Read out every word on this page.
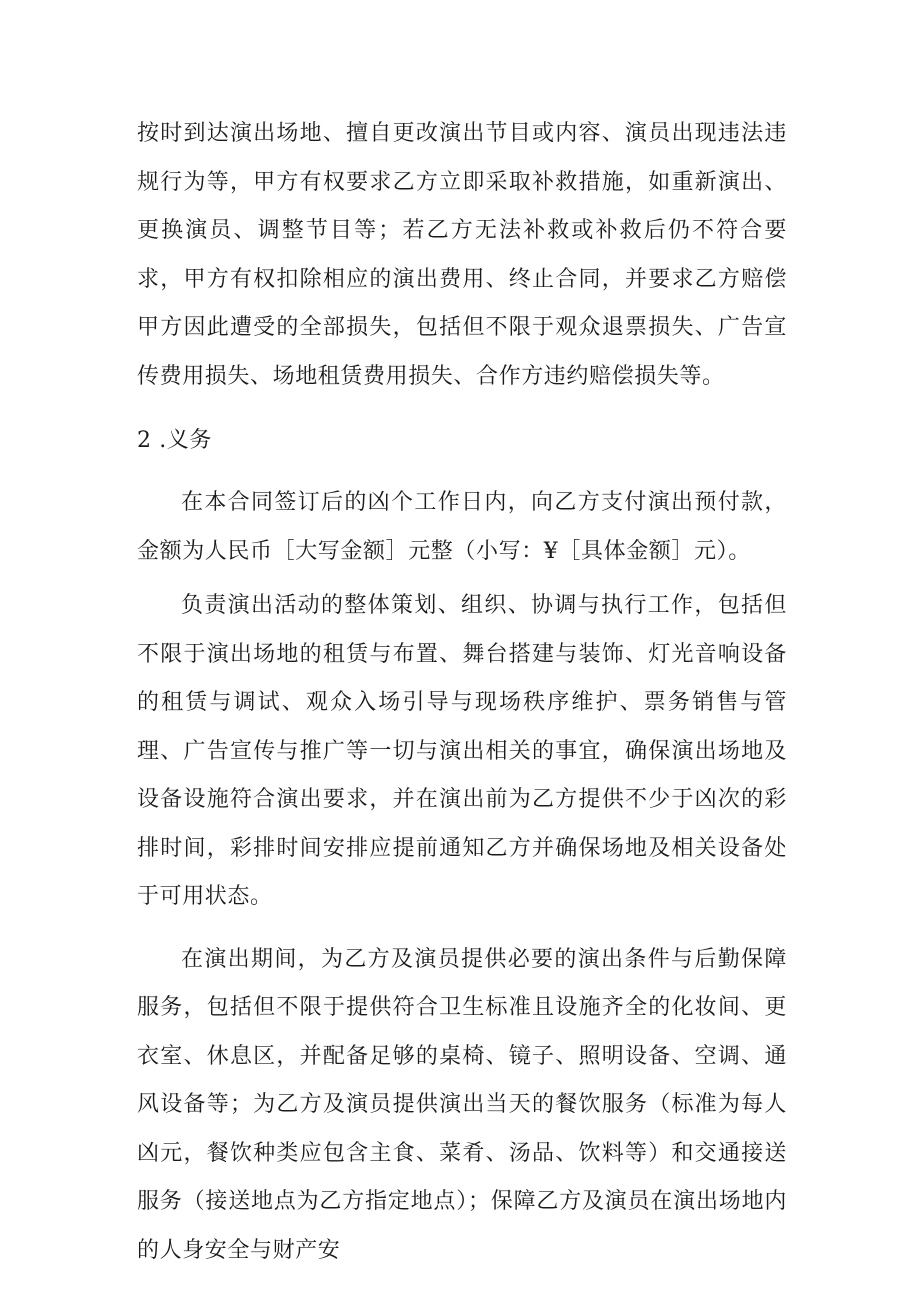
按时到达演出场地、擅自更改演出节目或内容、演员出现违法违规行为等，甲方有权要求乙方立即采取补救措施，如重新演出、更换演员、调整节目等；若乙方无法补救或补救后仍不符合要求，甲方有权扣除相应的演出费用、终止合同，并要求乙方赔偿甲方因此遭受的全部损失，包括但不限于观众退票损失、广告宣传费用损失、场地租赁费用损失、合作方违约赔偿损失等。

2 .义务

在本合同签订后的凶个工作日内，向乙方支付演出预付款，金额为人民币［大写金额］元整（小写：¥［具体金额］元）。

负责演出活动的整体策划、组织、协调与执行工作，包括但不限于演出场地的租赁与布置、舞台搭建与装饰、灯光音响设备的租赁与调试、观众入场引导与现场秩序维护、票务销售与管理、广告宣传与推广等一切与演出相关的事宜，确保演出场地及设备设施符合演出要求，并在演出前为乙方提供不少于凶次的彩排时间，彩排时间安排应提前通知乙方并确保场地及相关设备处于可用状态。

在演出期间，为乙方及演员提供必要的演出条件与后勤保障服务，包括但不限于提供符合卫生标准且设施齐全的化妆间、更衣室、休息区，并配备足够的桌椅、镜子、照明设备、空调、通风设备等；为乙方及演员提供演出当天的餐饮服务（标准为每人凶元，餐饮种类应包含主食、菜肴、汤品、饮料等）和交通接送服务（接送地点为乙方指定地点）；保障乙方及演员在演出场地内的人身安全与财产安
